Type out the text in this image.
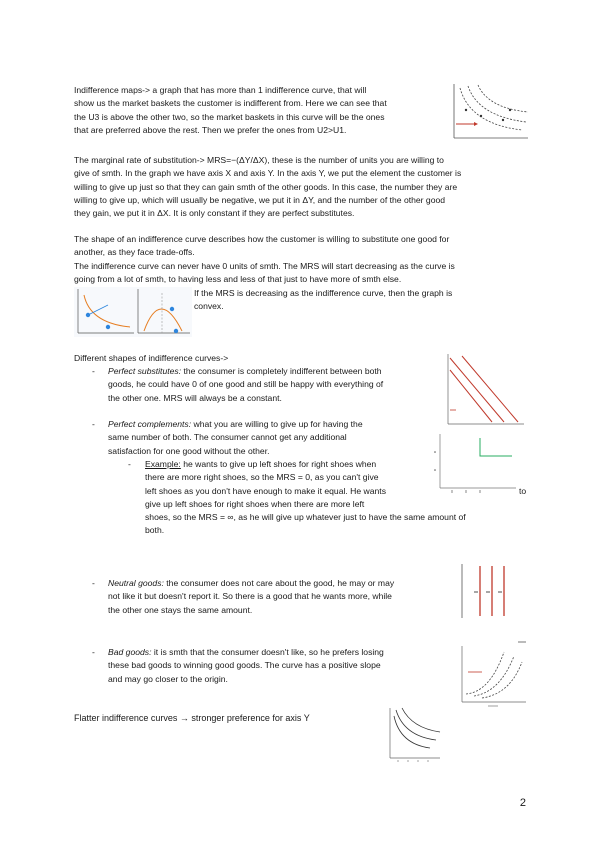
Indifference maps-> a graph that has more than 1 indifference curve, that will
show us the market baskets the customer is indifferent from. Here we can see that
the U3 is above the other two, so the market baskets in this curve will be the ones
that are preferred above the rest. Then we prefer the ones from U2>U1.
The marginal rate of substitution-> MRS=−(ΔY/ΔX), these is the number of units you are willing to
give of smth. In the graph we have axis X and axis Y. In the axis Y, we put the element the customer is
willing to give up just so that they can gain smth of the other goods. In this case, the number they are
willing to give up, which will usually be negative, we put it in ΔY, and the number of the other good
they gain, we put it in ΔX. It is only constant if they are perfect substitutes.
The shape of an indifference curve describes how the customer is willing to substitute one good for
another, as they face trade-offs.
The indifference curve can never have 0 units of smth. The MRS will start decreasing as the curve is
going from a lot of smth, to having less and less of that just to have more of smth else.
If the MRS is decreasing as the indifference curve, then the graph is
convex.
Different shapes of indifference curves->
- Perfect substitutes: the consumer is completely indifferent between both
goods, he could have 0 of one good and still be happy with everything of
the other one. MRS will always be a constant.
- Perfect complements: what you are willing to give up for having the
same number of both. The consumer cannot get any additional
satisfaction for one good without the other.
- Example: he wants to give up left shoes for right shoes when
there are more right shoes, so the MRS = 0, as you can't give
left shoes as you don't have enough to make it equal. He wants
give up left shoes for right shoes when there are more left
shoes, so the MRS = ∞, as he will give up whatever just to have the same amount of
both.
to
- Neutral goods: the consumer does not care about the good, he may or may
not like it but doesn't report it. So there is a good that he wants more, while
the other one stays the same amount.
- Bad goods: it is smth that the consumer doesn't like, so he prefers losing
these bad goods to winning good goods. The curve has a positive slope
and may go closer to the origin.
Flatter indifference curves → stronger preference for axis Y
2
